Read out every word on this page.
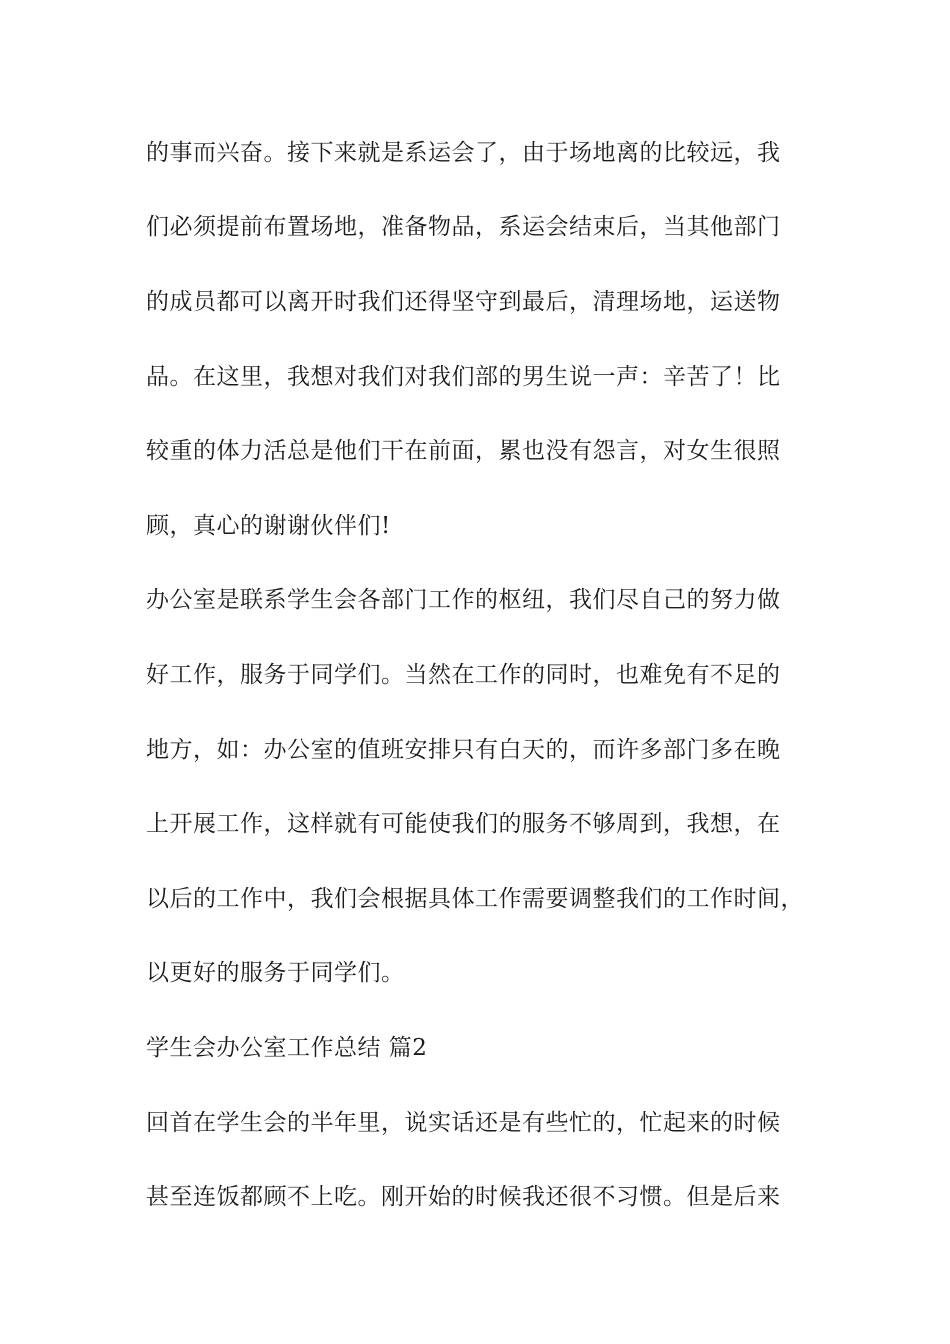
的事而兴奋。接下来就是系运会了，由于场地离的比较远，我
们必须提前布置场地，准备物品，系运会结束后，当其他部门
的成员都可以离开时我们还得坚守到最后，清理场地，运送物
品。在这里，我想对我们对我们部的男生说一声：辛苦了！比
较重的体力活总是他们干在前面，累也没有怨言，对女生很照
顾，真心的谢谢伙伴们!
办公室是联系学生会各部门工作的枢纽，我们尽自己的努力做
好工作，服务于同学们。当然在工作的同时，也难免有不足的
地方，如：办公室的值班安排只有白天的，而许多部门多在晚
上开展工作，这样就有可能使我们的服务不够周到，我想，在
以后的工作中，我们会根据具体工作需要调整我们的工作时间，
以更好的服务于同学们。
学生会办公室工作总结 篇2
回首在学生会的半年里，说实话还是有些忙的，忙起来的时候
甚至连饭都顾不上吃。刚开始的时候我还很不习惯。但是后来
